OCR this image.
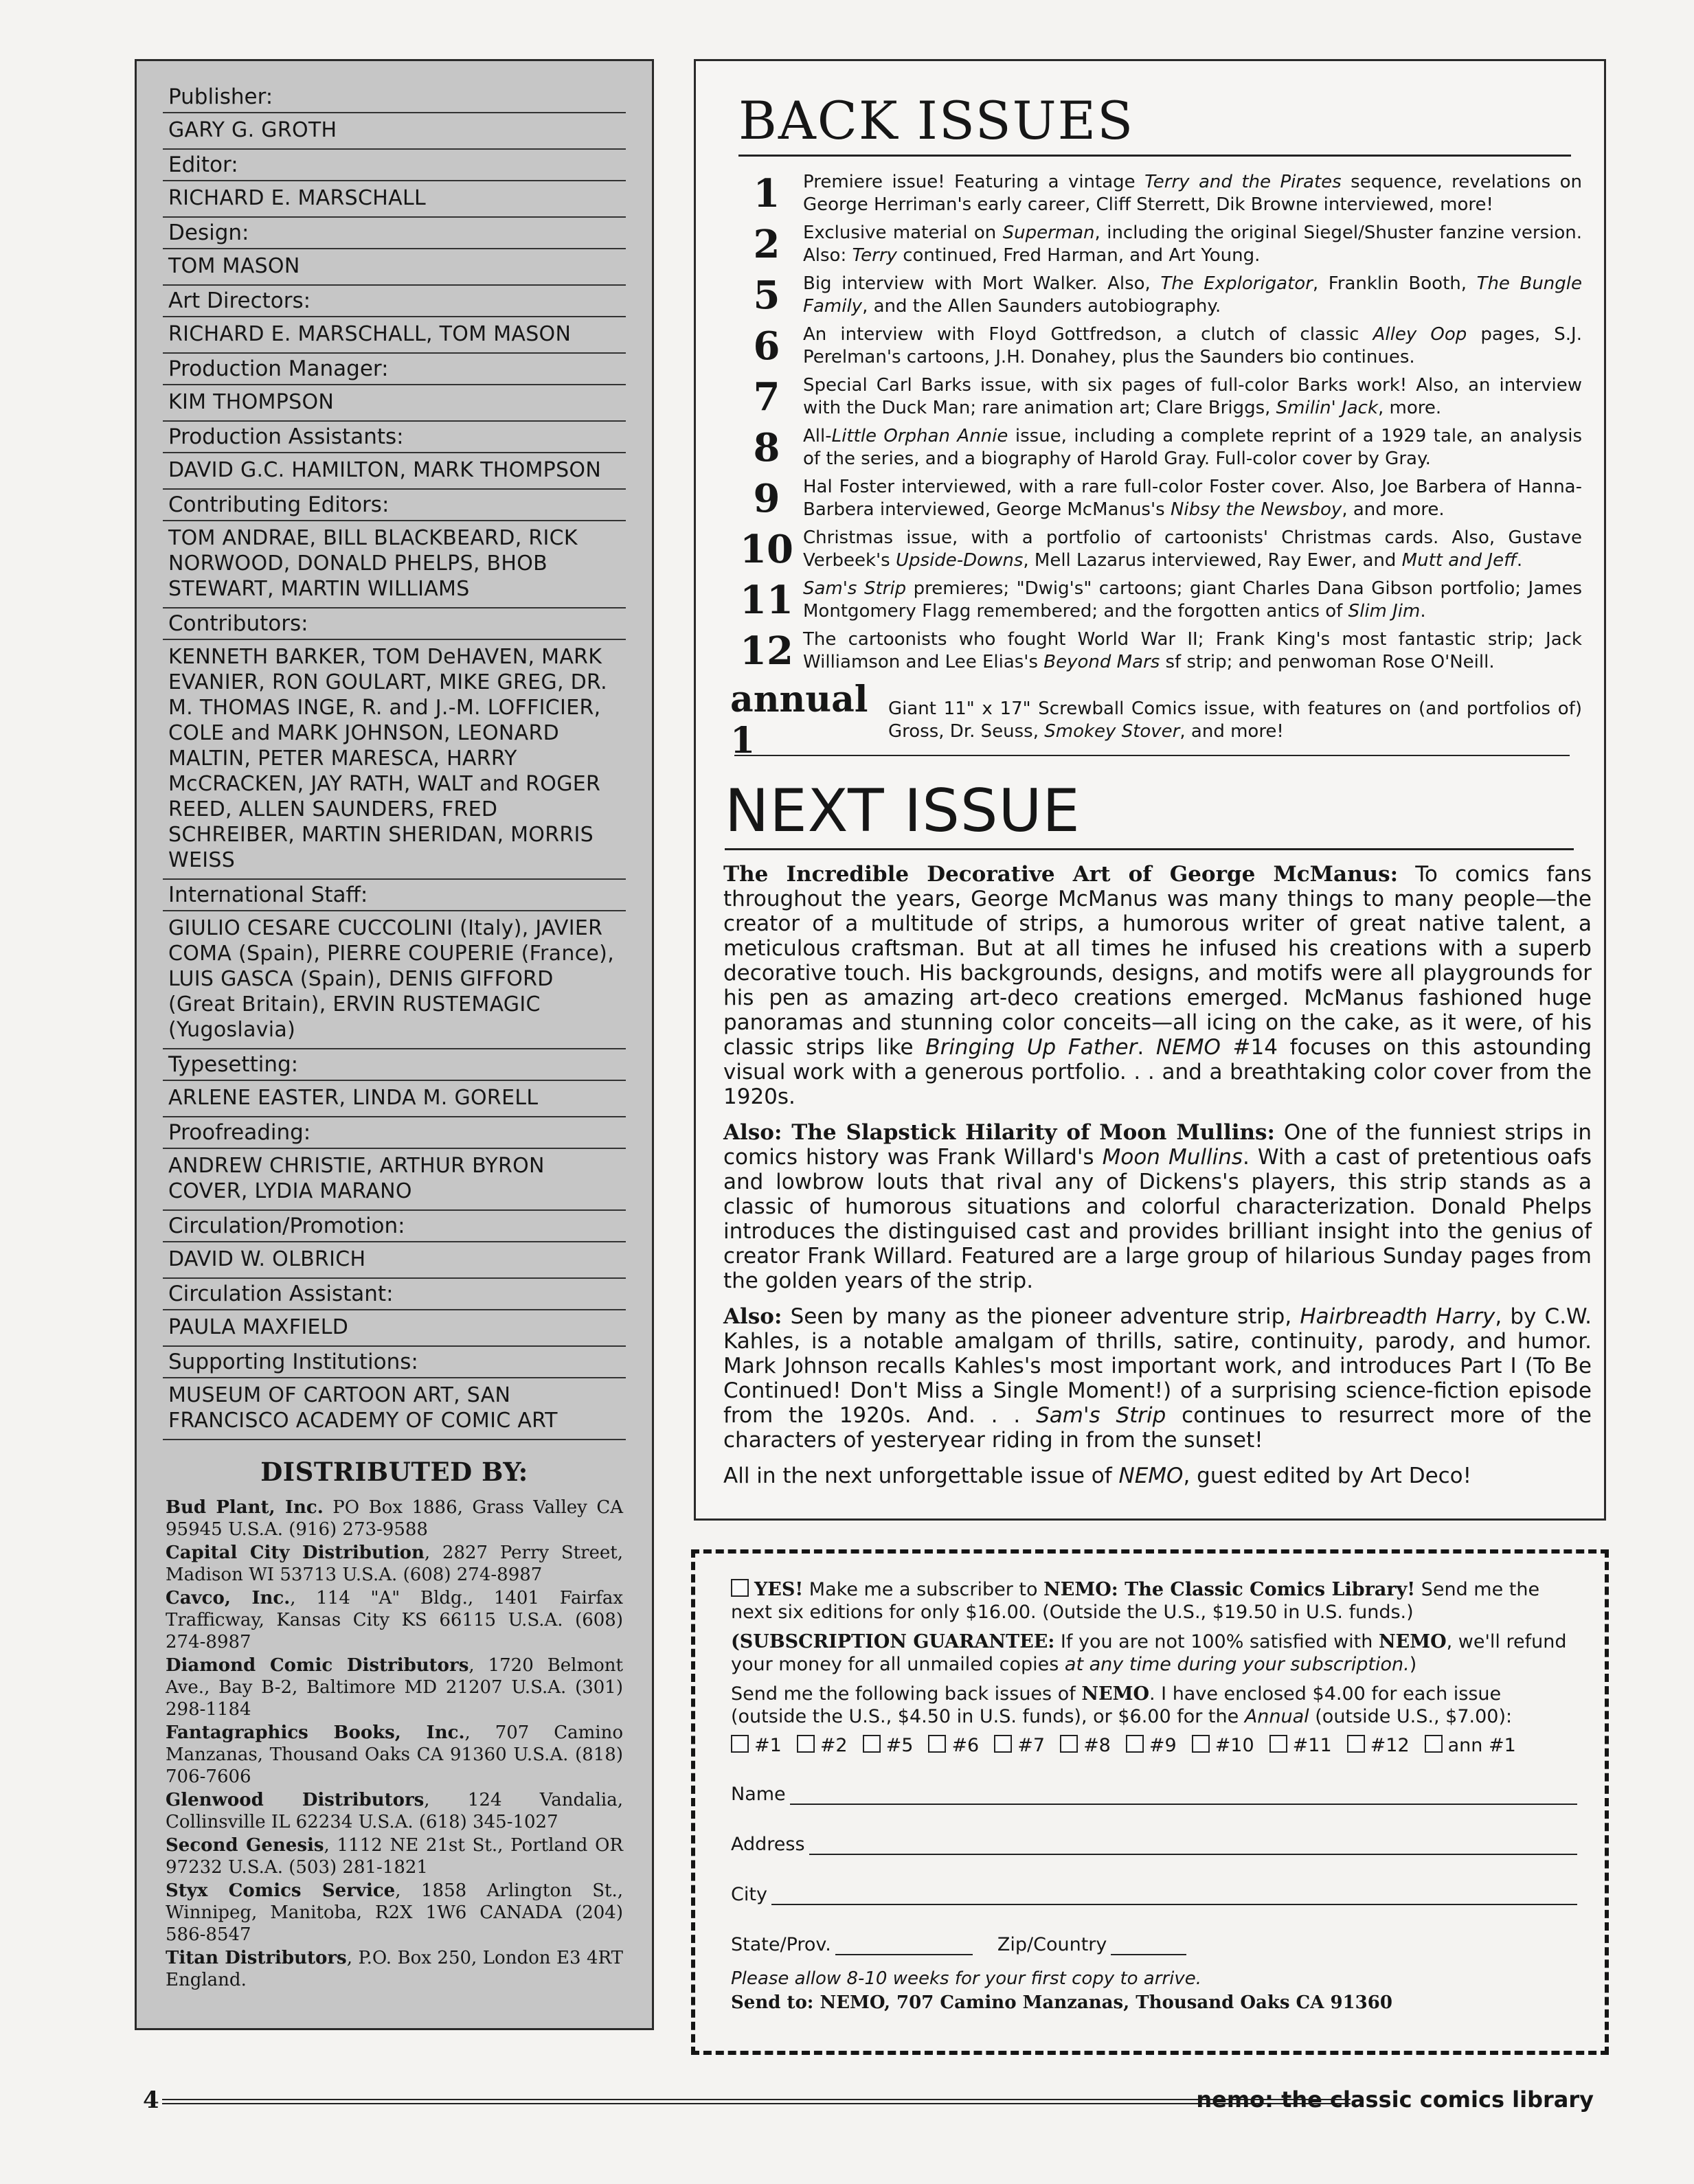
Publisher:
GARY G. GROTH
Editor:
RICHARD E. MARSCHALL
Design:
TOM MASON
Art Directors:
RICHARD E. MARSCHALL, TOM MASON
Production Manager:
KIM THOMPSON
Production Assistants:
DAVID G.C. HAMILTON, MARK THOMPSON
Contributing Editors:
TOM ANDRAE, BILL BLACKBEARD, RICK NORWOOD, DONALD PHELPS, BHOB STEWART, MARTIN WILLIAMS
Contributors:
KENNETH BARKER, TOM DeHAVEN, MARK EVANIER, RON GOULART, MIKE GREG, DR. M. THOMAS INGE, R. and J.-M. LOFFICIER, COLE and MARK JOHNSON, LEONARD MALTIN, PETER MARESCA, HARRY McCRACKEN, JAY RATH, WALT and ROGER REED, ALLEN SAUNDERS, FRED SCHREIBER, MARTIN SHERIDAN, MORRIS WEISS
International Staff:
GIULIO CESARE CUCCOLINI (Italy), JAVIER COMA (Spain), PIERRE COUPERIE (France), LUIS GASCA (Spain), DENIS GIFFORD (Great Britain), ERVIN RUSTEMAGIC (Yugoslavia)
Typesetting:
ARLENE EASTER, LINDA M. GORELL
Proofreading:
ANDREW CHRISTIE, ARTHUR BYRON COVER, LYDIA MARANO
Circulation/Promotion:
DAVID W. OLBRICH
Circulation Assistant:
PAULA MAXFIELD
Supporting Institutions:
MUSEUM OF CARTOON ART, SAN FRANCISCO ACADEMY OF COMIC ART
DISTRIBUTED BY:
Bud Plant, Inc. PO Box 1886, Grass Valley CA 95945 U.S.A. (916) 273-9588
Capital City Distribution, 2827 Perry Street, Madison WI 53713 U.S.A. (608) 274-8987
Cavco, Inc., 114 "A" Bldg., 1401 Fairfax Trafficway, Kansas City KS 66115 U.S.A. (608) 274-8987
Diamond Comic Distributors, 1720 Belmont Ave., Bay B-2, Baltimore MD 21207 U.S.A. (301) 298-1184
Fantagraphics Books, Inc., 707 Camino Manzanas, Thousand Oaks CA 91360 U.S.A. (818) 706-7606
Glenwood Distributors, 124 Vandalia, Collinsville IL 62234 U.S.A. (618) 345-1027
Second Genesis, 1112 NE 21st St., Portland OR 97232 U.S.A. (503) 281-1821
Styx Comics Service, 1858 Arlington St., Winnipeg, Manitoba, R2X 1W6 CANADA (204) 586-8547
Titan Distributors, P.O. Box 250, London E3 4RT England.
BACK ISSUES
1	Premiere issue! Featuring a vintage Terry and the Pirates sequence, revelations on George Herriman's early career, Cliff Sterrett, Dik Browne interviewed, more!
2	Exclusive material on Superman, including the original Siegel/Shuster fanzine version. Also: Terry continued, Fred Harman, and Art Young.
5	Big interview with Mort Walker. Also, The Explorigator, Franklin Booth, The Bungle Family, and the Allen Saunders autobiography.
6	An interview with Floyd Gottfredson, a clutch of classic Alley Oop pages, S.J. Perelman's cartoons, J.H. Donahey, plus the Saunders bio continues.
7	Special Carl Barks issue, with six pages of full-color Barks work! Also, an interview with the Duck Man; rare animation art; Clare Briggs, Smilin' Jack, more.
8	All-Little Orphan Annie issue, including a complete reprint of a 1929 tale, an analysis of the series, and a biography of Harold Gray. Full-color cover by Gray.
9	Hal Foster interviewed, with a rare full-color Foster cover. Also, Joe Barbera of Hanna-Barbera interviewed, George McManus's Nibsy the Newsboy, and more.
10 Christmas issue, with a portfolio of cartoonists' Christmas cards. Also, Gustave Verbeek's Upside-Downs, Mell Lazarus interviewed, Ray Ewer, and Mutt and Jeff.
11 Sam's Strip premieres; "Dwig's" cartoons; giant Charles Dana Gibson portfolio; James Montgomery Flagg remembered; and the forgotten antics of Slim Jim.
12 The cartoonists who fought World War II; Frank King's most fantastic strip; Jack Williamson and Lee Elias's Beyond Mars sf strip; and penwoman Rose O'Neill.
annual 1
Giant 11" x 17" Screwball Comics issue, with features on (and portfolios of) Gross, Dr. Seuss, Smokey Stover, and more!
NEXT ISSUE

The Incredible Decorative Art of George McManus: To comics fans throughout the years, George McManus was many things to many people—the creator of a multitude of strips, a humorous writer of great native talent, a meticulous craftsman. But at all times he infused his creations with a superb decorative touch. His backgrounds, designs, and motifs were all playgrounds for his pen as amazing art-deco creations emerged. McManus fashioned huge panoramas and stunning color conceits—all icing on the cake, as it were, of his classic strips like Bringing Up Father. NEMO #14 focuses on this astounding visual work with a generous portfolio. . . and a breathtaking color cover from the 1920s.

Also: The Slapstick Hilarity of Moon Mullins: One of the funniest strips in comics history was Frank Willard's Moon Mullins. With a cast of pretentious oafs and lowbrow louts that rival any of Dickens's players, this strip stands as a classic of humorous situations and colorful characterization. Donald Phelps introduces the distinguised cast and provides brilliant insight into the genius of creator Frank Willard. Featured are a large group of hilarious Sunday pages from the golden years of the strip.

Also: Seen by many as the pioneer adventure strip, Hairbreadth Harry, by C.W. Kahles, is a notable amalgam of thrills, satire, continuity, parody, and humor. Mark Johnson recalls Kahles's most important work, and introduces Part I (To Be Continued! Don't Miss a Single Moment!) of a surprising science-fiction episode from the 1920s. And. . . Sam's Strip continues to resurrect more of the characters of yesteryear riding in from the sunset!

All in the next unforgettable issue of NEMO, guest edited by Art Deco!

YES! Make me a subscriber to NEMO: The Classic Comics Library! Send me the next six editions for only $16.00. (Outside the U.S., $19.50 in U.S. funds.)

(SUBSCRIPTION GUARANTEE: If you are not 100% satisfied with NEMO, we'll refund your money for all unmailed copies at any time during your subscription.)

Send me the following back issues of NEMO. I have enclosed $4.00 for each issue (outside the U.S., $4.50 in U.S. funds), or $6.00 for the Annual (outside U.S., $7.00):

#1	#2	#5	#6	#7	#8	#9	#10	#11	#12	ann #1
Name
Address
City
State/Prov.	Zip/Country

Please allow 8-10 weeks for your first copy to arrive.

Send to: NEMO, 707 Camino Manzanas, Thousand Oaks CA 91360

4	nemo: the classic comics library
